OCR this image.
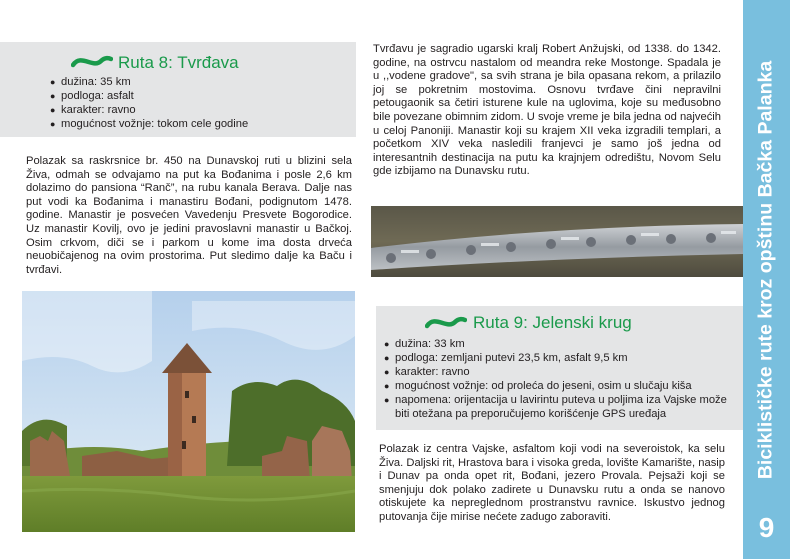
Ruta 8: Tvrđava
● dužina: 35 km
● podloga: asfalt
● karakter: ravno
● mogućnost vožnje: tokom cele godine

Polazak sa raskrsnice br. 450 na Dunavskoj ruti u blizini sela Živa, odmah se odvajamo na put ka Bođanima i posle 2,6 km dolazimo do pansiona “Ranč”, na rubu kanala Berava. Dalje nas put vodi ka Bođanima i manastiru Bođani, podignutom 1478. godine. Manastir je posvećen Vavedenju Presvete Bogorodice. Uz manastir Kovilj, ovo je jedini pravoslavni manastir u Bačkoj. Osim crkvom, diči se i parkom u kome ima dosta drveća neuobičajenog na ovim prostorima. Put sledimo dalje ka Baču i tvrđavi.

Tvrđavu je sagradio ugarski kralj Robert Anžujski, od 1338. do 1342. godine, na ostrvcu nastalom od meandra reke Mostonge. Spadala je u ,,vodene gradove", sa svih strana je bila opasana rekom, a prilazilo joj se pokretnim mostovima. Osnovu tvrđave čini nepravilni petougaonik sa četiri isturene kule na uglovima, koje su međusobno bile povezane obimnim zidom. U svoje vreme je bila jedna od najvećih u celoj Panoniji. Manastir koji su krajem XII veka izgradili templari, a početkom XIV veka nasledili franjevci je samo još jedna od interesantnih destinacija na putu ka krajnjem odredištu, Novom Selu gde izbijamo na Dunavsku rutu.

Ruta 9: Jelenski krug
● dužina: 33 km
● podloga: zemljani putevi 23,5 km, asfalt 9,5 km
● karakter: ravno
● mogućnost vožnje: od proleća do jeseni, osim u slučaju kiša
● napomena: orijentacija u lavirintu puteva u poljima iza Vajske može biti otežana pa preporučujemo korišćenje GPS uređaja

Polazak iz centra Vajske, asfaltom koji vodi na severoistok, ka selu Živa. Daljski rit, Hrastova bara i visoka greda, lovište Kamarište, nasip i Dunav pa onda opet rit, Bođani, jezero Provala. Pejsaži koji se smenjuju dok polako zadirete u Dunavsku rutu a onda se nanovo otiskujete ka nepreglednom prostranstvu ravnice. Iskustvo jednog putovanja čije mirise nećete zadugo zaboraviti.

Biciklističke rute kroz opštinu Bačka Palanka
9
